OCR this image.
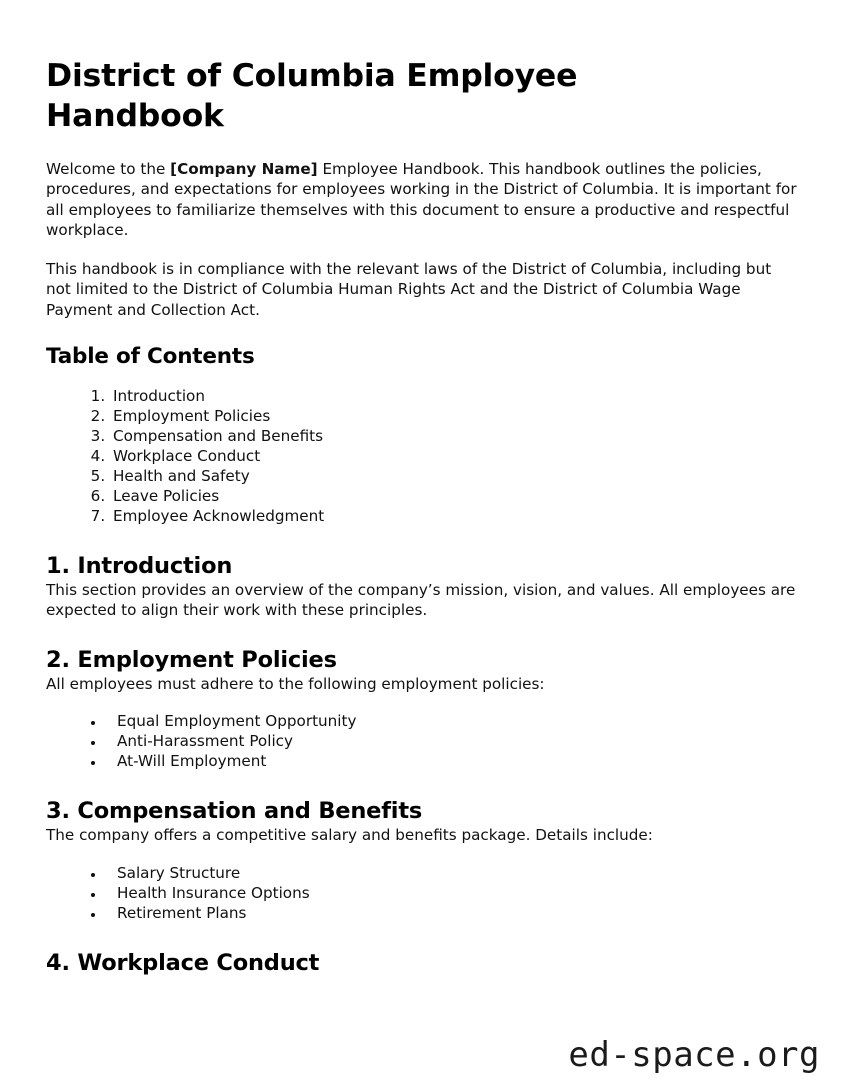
District of Columbia Employee Handbook

Welcome to the [Company Name] Employee Handbook. This handbook outlines the policies, procedures, and expectations for employees working in the District of Columbia. It is important for all employees to familiarize themselves with this document to ensure a productive and respectful workplace.

This handbook is in compliance with the relevant laws of the District of Columbia, including but not limited to the District of Columbia Human Rights Act and the District of Columbia Wage Payment and Collection Act.

Table of Contents
1. Introduction
2. Employment Policies
3. Compensation and Benefits
4. Workplace Conduct
5. Health and Safety
6. Leave Policies
7. Employee Acknowledgment
1. Introduction

This section provides an overview of the company’s mission, vision, and values. All employees are expected to align their work with these principles.

2. Employment Policies

All employees must adhere to the following employment policies:

• Equal Employment Opportunity
• Anti-Harassment Policy
• At-Will Employment
3. Compensation and Benefits

The company offers a competitive salary and benefits package. Details include:

• Salary Structure
• Health Insurance Options
• Retirement Plans
4. Workplace Conduct
ed-space.org
